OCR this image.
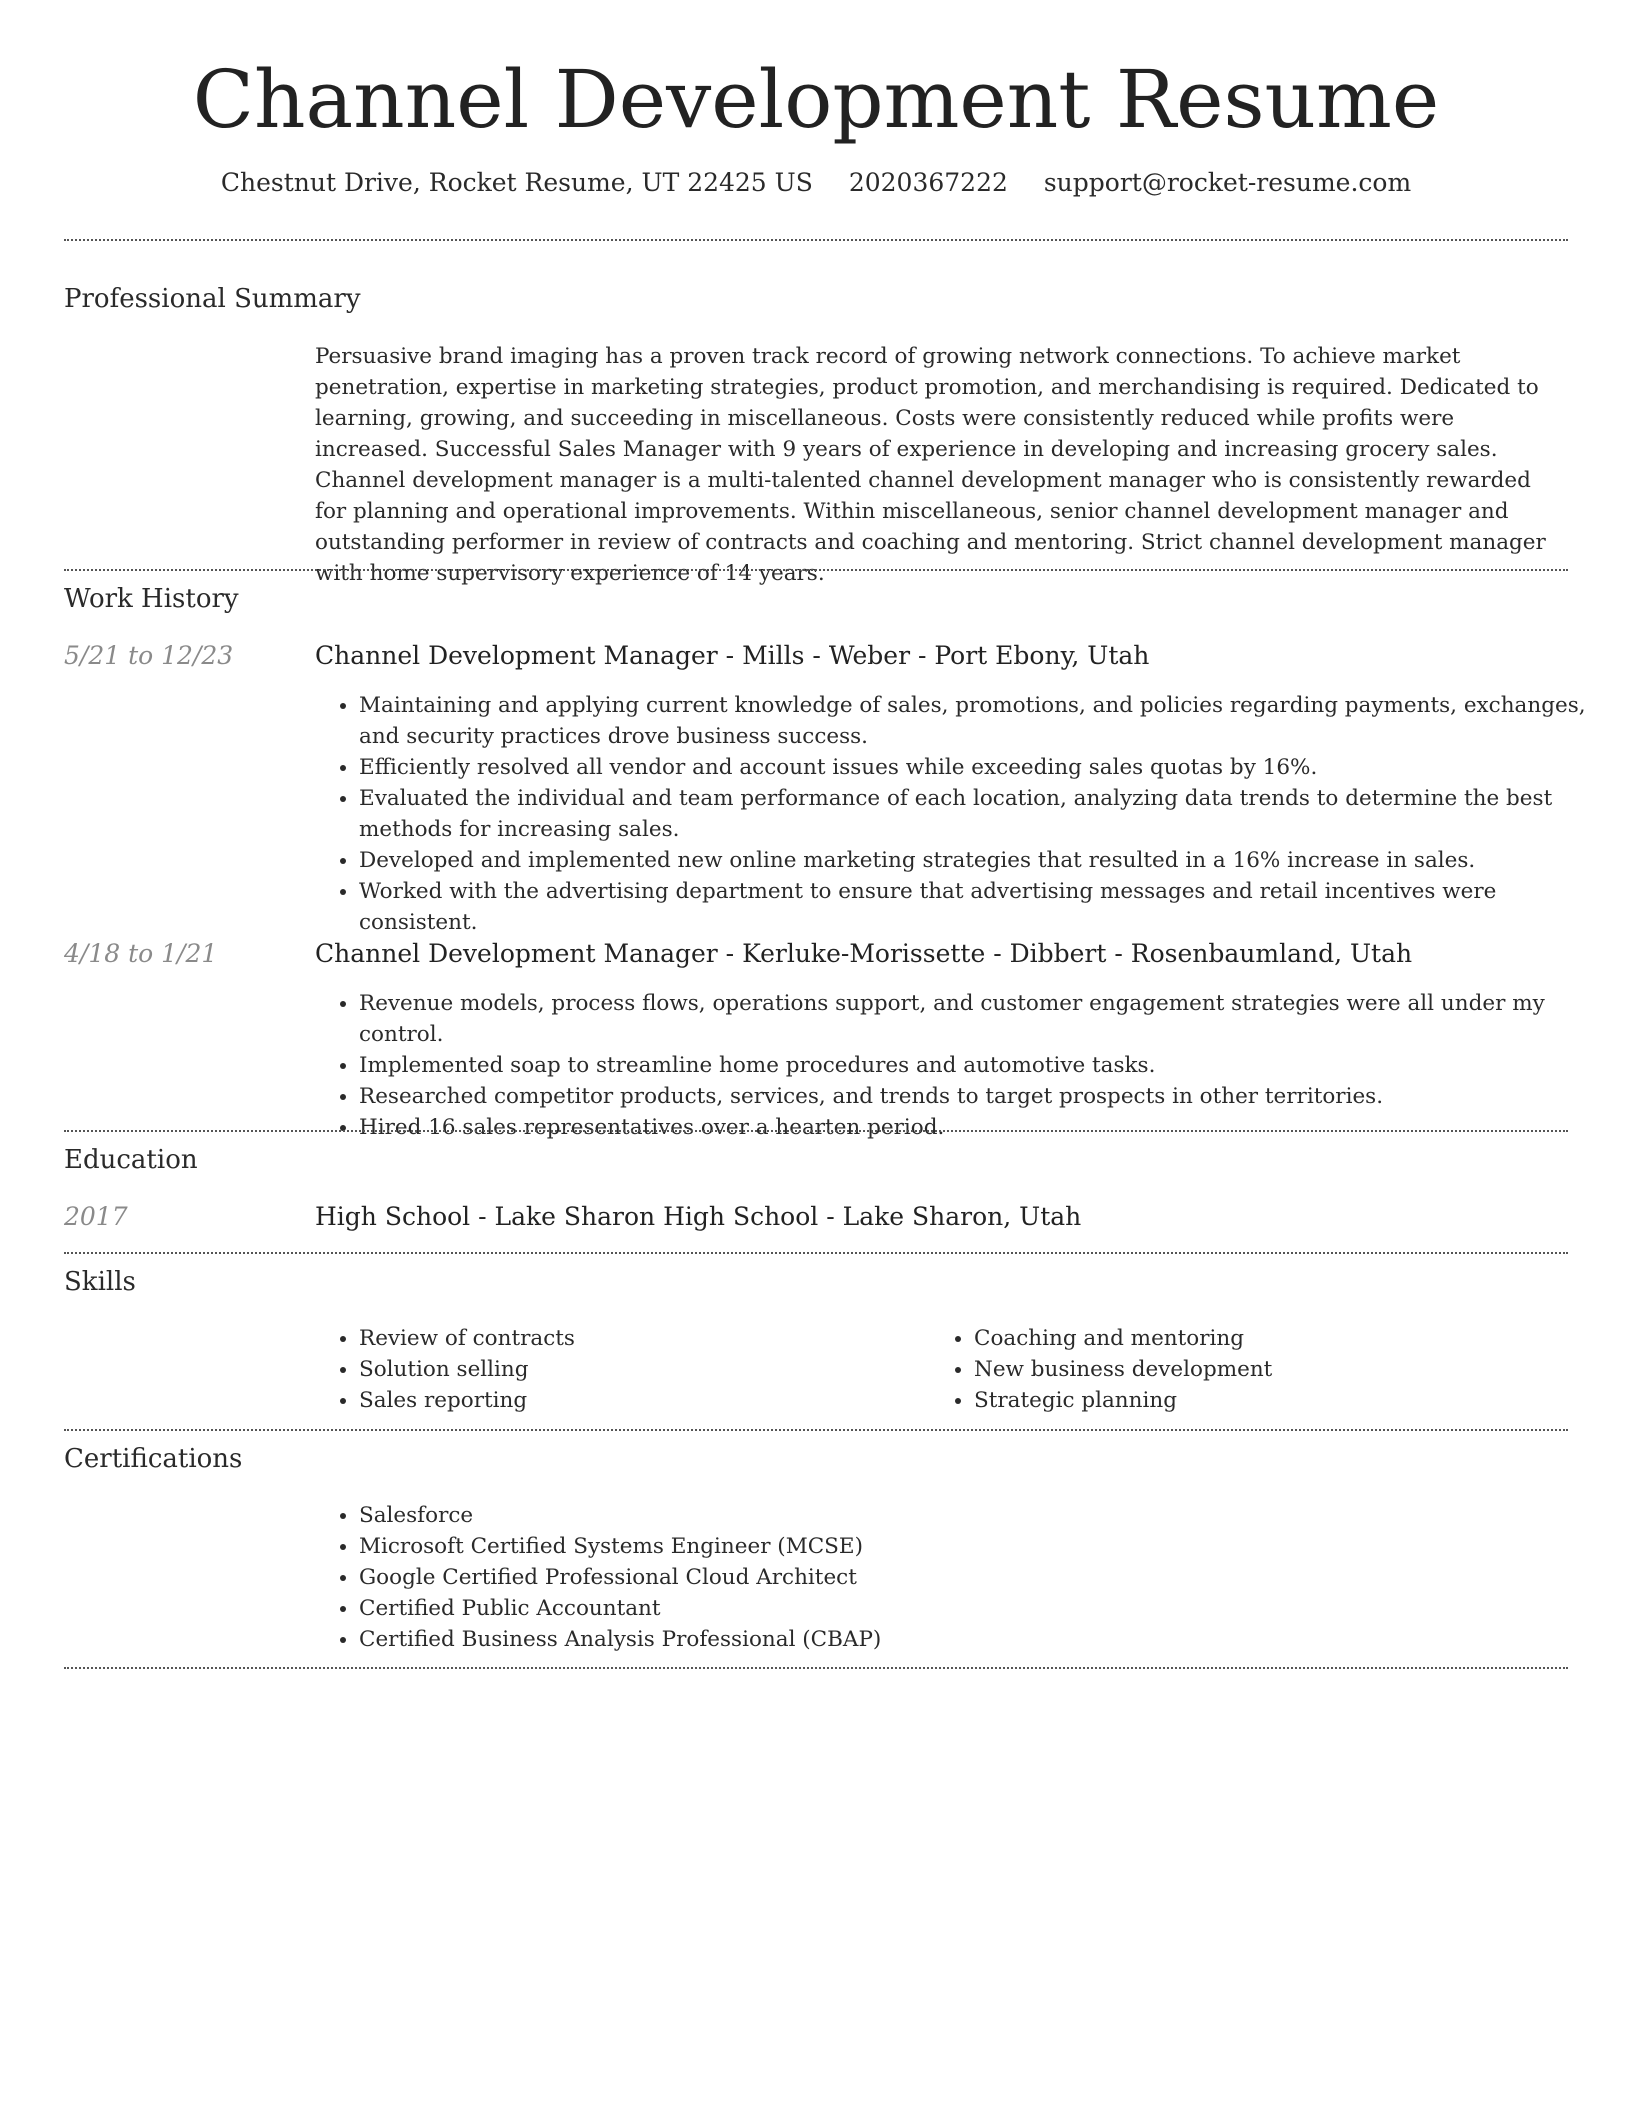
Channel Development Resume
Chestnut Drive, Rocket Resume, UT 22425 US 2020367222 support@rocket-resume.com
Professional Summary
Persuasive brand imaging has a proven track record of growing network connections. To achieve market penetration, expertise in marketing strategies, product promotion, and merchandising is required. Dedicated to learning, growing, and succeeding in miscellaneous. Costs were consistently reduced while profits were increased. Successful Sales Manager with 9 years of experience in developing and increasing grocery sales. Channel development manager is a multi-talented channel development manager who is consistently rewarded for planning and operational improvements. Within miscellaneous, senior channel development manager and outstanding performer in review of contracts and coaching and mentoring. Strict channel development manager with home supervisory experience of 14 years.
Work History
5/21 to 12/23	Channel Development Manager - Mills - Weber - Port Ebony, Utah
• Maintaining and applying current knowledge of sales, promotions, and policies regarding payments, exchanges, and security practices drove business success.
• Efficiently resolved all vendor and account issues while exceeding sales quotas by 16%.
• Evaluated the individual and team performance of each location, analyzing data trends to determine the best methods for increasing sales.
• Developed and implemented new online marketing strategies that resulted in a 16% increase in sales.
• Worked with the advertising department to ensure that advertising messages and retail incentives were consistent.
4/18 to 1/21	Channel Development Manager - Kerluke-Morissette - Dibbert - Rosenbaumland, Utah
• Revenue models, process flows, operations support, and customer engagement strategies were all under my control.
• Implemented soap to streamline home procedures and automotive tasks.
• Researched competitor products, services, and trends to target prospects in other territories.
• Hired 16 sales representatives over a hearten period.
Education
2017	High School - Lake Sharon High School - Lake Sharon, Utah
Skills
• Review of contracts
• Solution selling
• Sales reporting
• Coaching and mentoring
• New business development
• Strategic planning
Certifications
• Salesforce
• Microsoft Certified Systems Engineer (MCSE)
• Google Certified Professional Cloud Architect
• Certified Public Accountant
• Certified Business Analysis Professional (CBAP)
